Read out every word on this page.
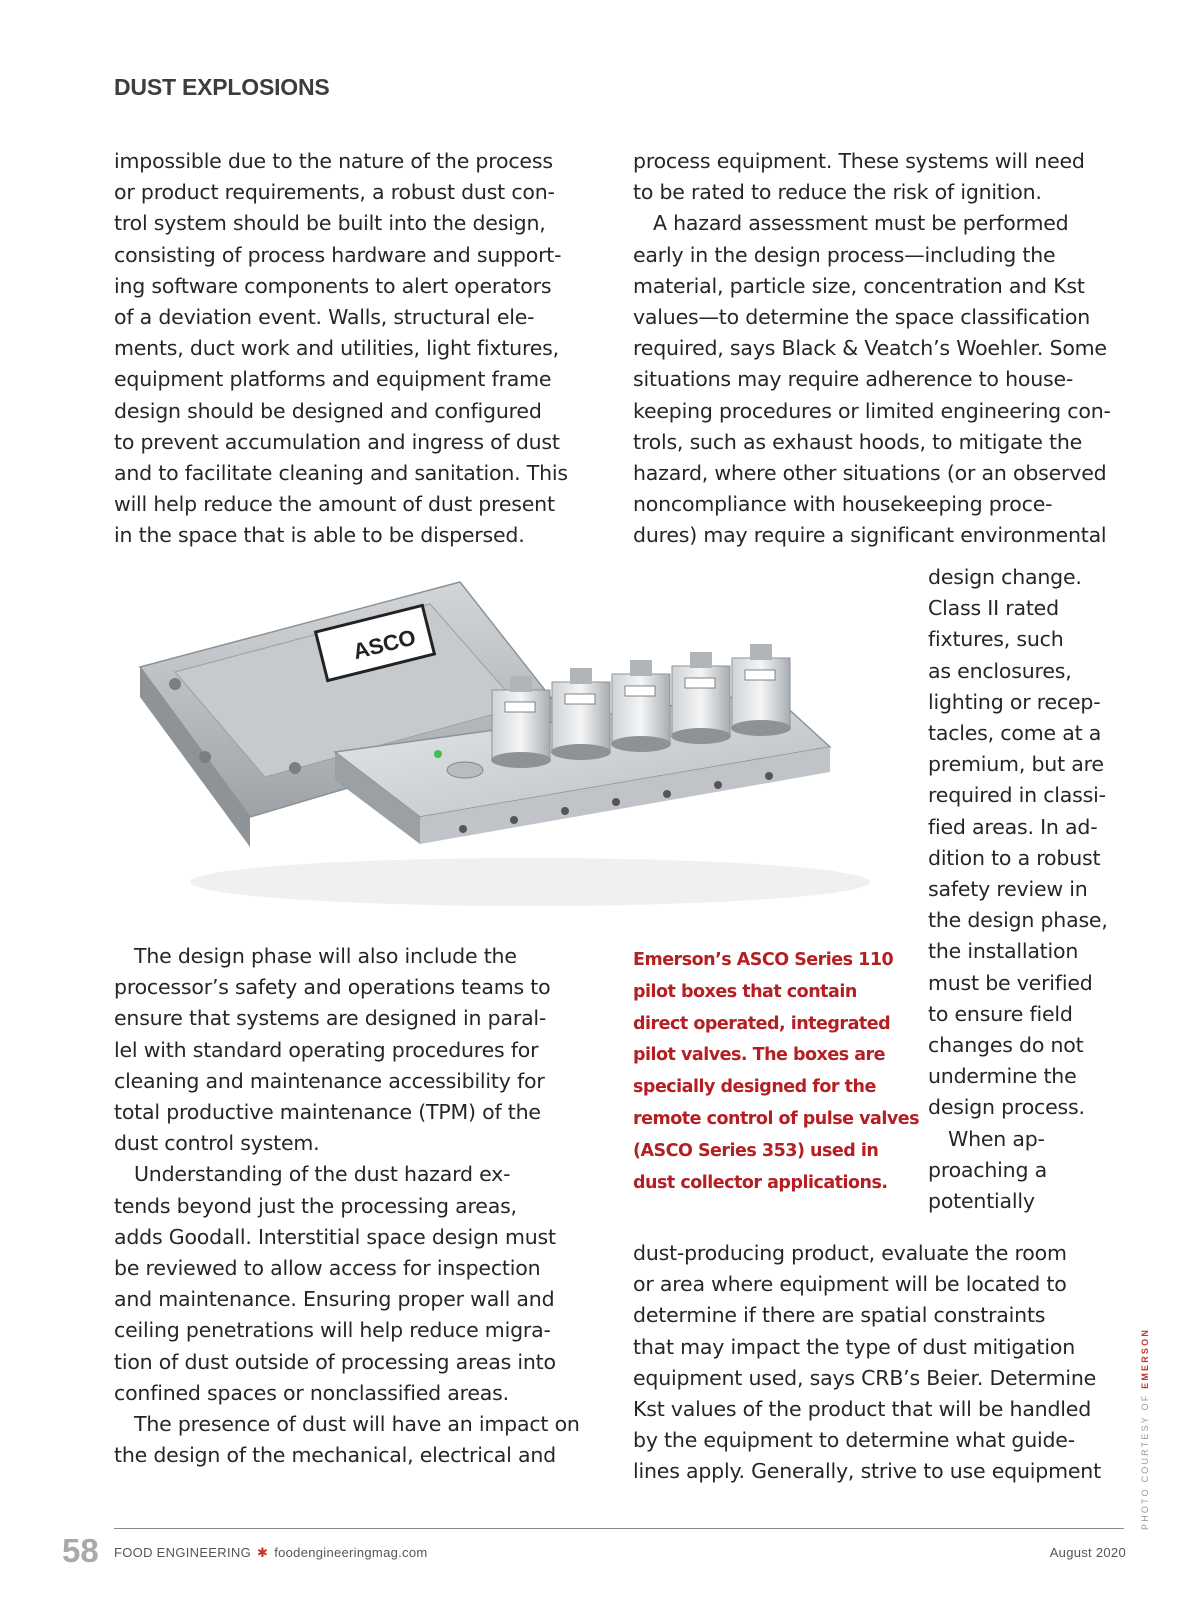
DUST EXPLOSIONS

impossible due to the nature of the process

or product requirements, a robust dust con-

trol system should be built into the design,

consisting of process hardware and support-

ing software components to alert operators

of a deviation event. Walls, structural ele-

ments, duct work and utilities, light fixtures,

equipment platforms and equipment frame

design should be designed and configured

to prevent accumulation and ingress of dust

and to facilitate cleaning and sanitation. This

will help reduce the amount of dust present

in the space that is able to be dispersed.

process equipment. These systems will need

to be rated to reduce the risk of ignition.

A hazard assessment must be performed

early in the design process—including the

material, particle size, concentration and Kst

values—to determine the space classification

required, says Black & Veatch’s Woehler. Some

situations may require adherence to house-

keeping procedures or limited engineering con-

trols, such as exhaust hoods, to mitigate the

hazard, where other situations (or an observed

noncompliance with housekeeping proce-

dures) may require a significant environmental

ASCO

design change.

Class II rated

fixtures, such

as enclosures,

lighting or recep-

tacles, come at a

premium, but are

required in classi-

fied areas. In ad-

dition to a robust

safety review in

the design phase,

the installation

must be verified

to ensure field

changes do not

undermine the

design process.

When ap-

proaching a

potentially

Emerson’s ASCO Series 110

pilot boxes that contain

direct operated, integrated

pilot valves. The boxes are

specially designed for the

remote control of pulse valves

(ASCO Series 353) used in

dust collector applications.

The design phase will also include the

processor’s safety and operations teams to

ensure that systems are designed in paral-

lel with standard operating procedures for

cleaning and maintenance accessibility for

total productive maintenance (TPM) of the

dust control system.

Understanding of the dust hazard ex-

tends beyond just the processing areas,

adds Goodall. Interstitial space design must

be reviewed to allow access for inspection

and maintenance. Ensuring proper wall and

ceiling penetrations will help reduce migra-

tion of dust outside of processing areas into

confined spaces or nonclassified areas.

The presence of dust will have an impact on

the design of the mechanical, electrical and

dust-producing product, evaluate the room

or area where equipment will be located to

determine if there are spatial constraints

that may impact the type of dust mitigation

equipment used, says CRB’s Beier. Determine

Kst values of the product that will be handled

by the equipment to determine what guide-

lines apply. Generally, strive to use equipment	PHOTO COURTESY OF EMERSON
58 FOOD ENGINEERING ✱ foodengineeringmag.com	August 2020
